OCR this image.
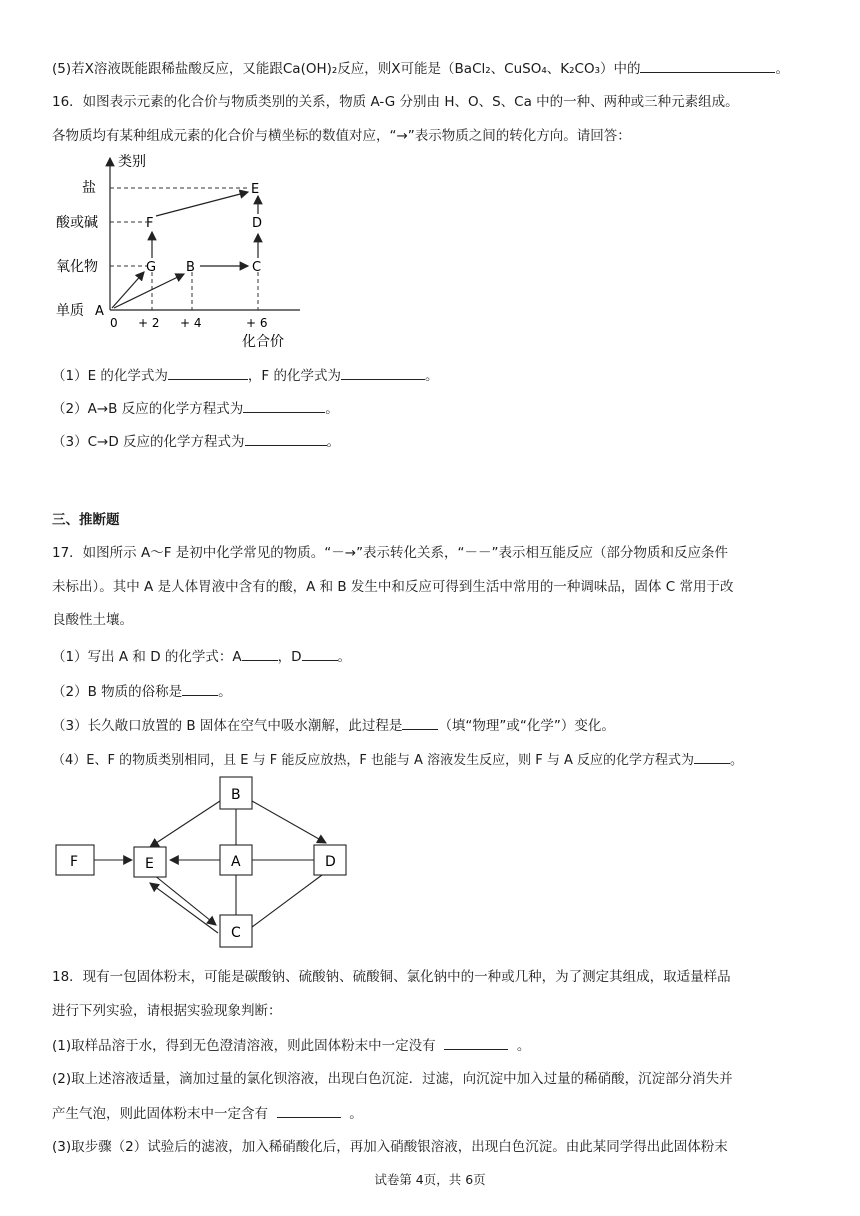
(5)若X溶液既能跟稀盐酸反应，又能跟Ca(OH)₂反应，则X可能是（BaCl₂、CuSO₄、K₂CO₃）中的	。
16．如图表示元素的化合价与物质类别的关系，物质 A-G 分别由 H、O、S、Ca 中的一种、两种或三种元素组成。
各物质均有某种组成元素的化合价与横坐标的数值对应，“→”表示物质之间的转化方向。请回答：
类别
盐
酸或碱
氧化物
单质
0 + 2 + 4	+ 6
化合价
A
B	C
D
E
F
G
（1）E 的化学式为	，F 的化学式为	。
（2）A→B 反应的化学方程式为	。
（3）C→D 反应的化学方程式为	。
三、推断题
17．如图所示 A～F 是初中化学常见的物质。“－→”表示转化关系，“－－”表示相互能反应（部分物质和反应条件
未标出）。其中 A 是人体胃液中含有的酸，A 和 B 发生中和反应可得到生活中常用的一种调味品，固体 C 常用于改
良酸性土壤。
（1）写出 A 和 D 的化学式：A	，D	。
（2）B 物质的俗称是	。
（3）长久敞口放置的 B 固体在空气中吸水潮解，此过程是	（填“物理”或“化学”）变化。
（4）E、F 的物质类别相同，且 E 与 F 能反应放热，F 也能与 A 溶液发生反应，则 F 与 A 反应的化学方程式为	。
B
A	D
E
F
C
18．现有一包固体粉末，可能是碳酸钠、硫酸钠、硫酸铜、氯化钠中的一种或几种，为了测定其组成，取适量样品
进行下列实验，请根据实验现象判断：
(1)取样品溶于水，得到无色澄清溶液，则此固体粉末中一定没有	。
(2)取上述溶液适量，滴加过量的氯化钡溶液，出现白色沉淀．过滤，向沉淀中加入过量的稀硝酸，沉淀部分消失并
产生气泡，则此固体粉末中一定含有	。
(3)取步骤（2）试验后的滤液，加入稀硝酸化后，再加入硝酸银溶液，出现白色沉淀。由此某同学得出此固体粉末
试卷第 4页，共 6页
